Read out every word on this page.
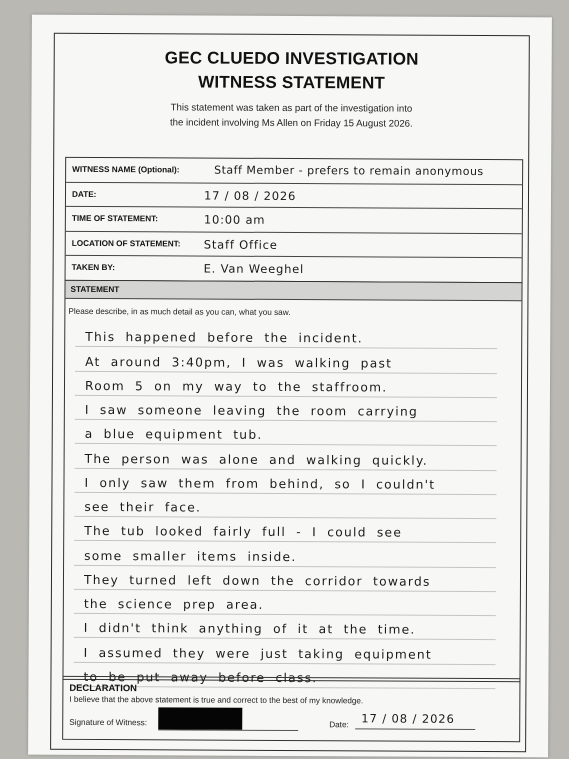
GEC CLUEDO INVESTIGATION
WITNESS STATEMENT
This statement was taken as part of the investigation into
the incident involving Ms Allen on Friday 15 August 2026.
WITNESS NAME (Optional):	Staff Member - prefers to remain anonymous
DATE:	17 / 08 / 2026
TIME OF STATEMENT:	10:00 am
LOCATION OF STATEMENT: Staff Office
TAKEN BY:	E. Van Weeghel
STATEMENT
Please describe, in as much detail as you can, what you saw.
This happened before the incident.
At around 3:40pm, I was walking past
Room 5 on my way to the staffroom.
I saw someone leaving the room carrying
a blue equipment tub.
The person was alone and walking quickly.
I only saw them from behind, so I couldn't
see their face.
The tub looked fairly full - I could see
some smaller items inside.
They turned left down the corridor towards
the science prep area.
I didn't think anything of it at the time.
I assumed they were just taking equipment
to be put away before class.
DECLARATION
I believe that the above statement is true and correct to the best of my knowledge.
Signature of Witness:	Date: 17 / 08 / 2026
